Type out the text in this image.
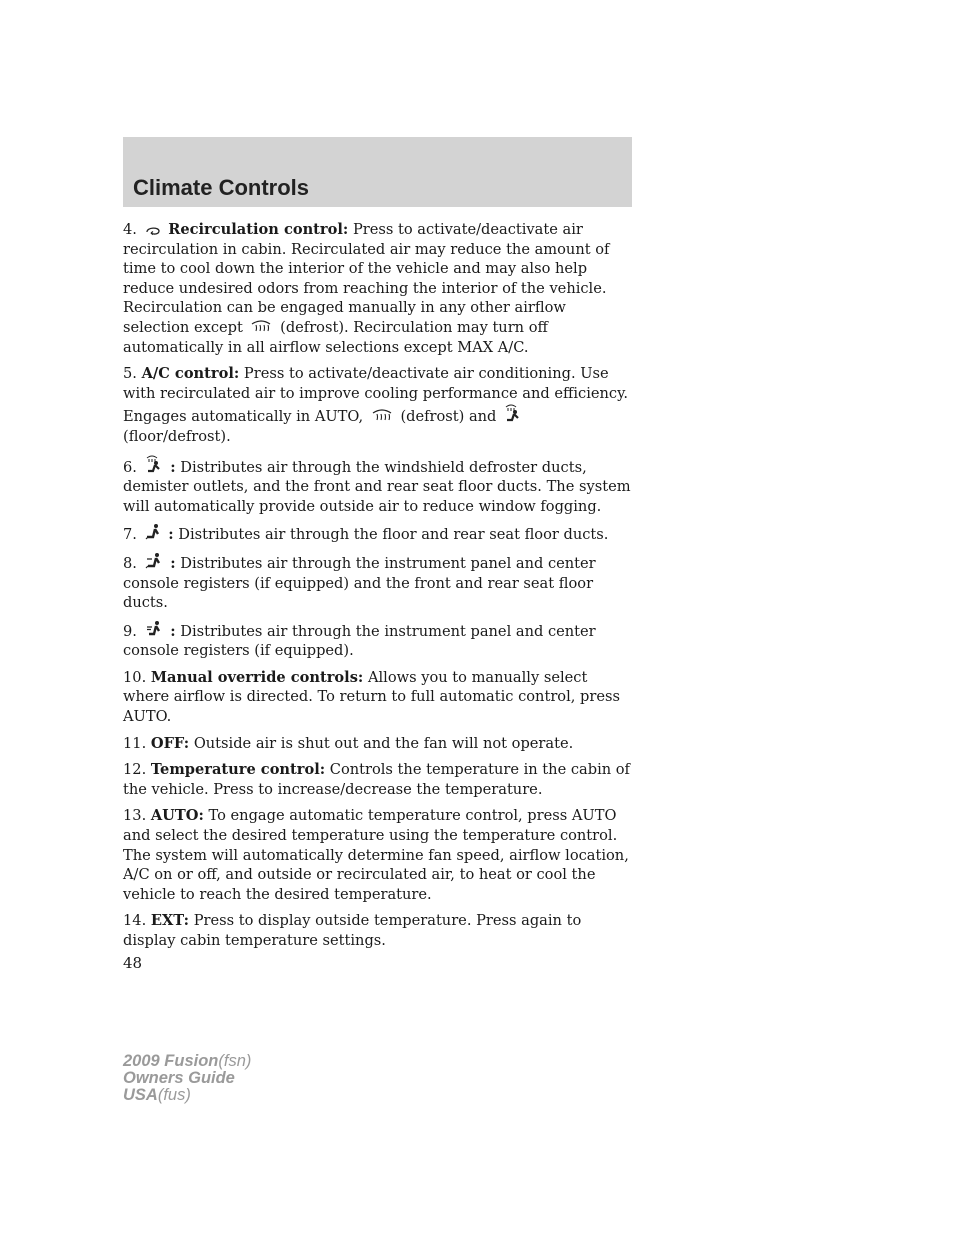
Climate Controls

4. Recirculation control: Press to activate/deactivate air recirculation in cabin. Recirculated air may reduce the amount of time to cool down the interior of the vehicle and may also help reduce undesired odors from reaching the interior of the vehicle. Recirculation can be engaged manually in any other airflow selection except	(defrost). Recirculation may turn off automatically in all airflow selections except MAX A/C.

5. A/C control: Press to activate/deactivate air conditioning. Use with recirculated air to improve cooling performance and efficiency. Engages automatically in AUTO,	(defrost) and
(floor/defrost).

6. : Distributes air through the windshield defroster ducts, demister outlets, and the front and rear seat floor ducts. The system will automatically provide outside air to reduce window fogging.

7. : Distributes air through the floor and rear seat floor ducts.

8. : Distributes air through the instrument panel and center console registers (if equipped) and the front and rear seat floor ducts.

9. : Distributes air through the instrument panel and center console registers (if equipped).

10. Manual override controls: Allows you to manually select where airflow is directed. To return to full automatic control, press AUTO.

11. OFF: Outside air is shut out and the fan will not operate.

12. Temperature control: Controls the temperature in the cabin of the vehicle. Press to increase/decrease the temperature.

13. AUTO: To engage automatic temperature control, press AUTO and select the desired temperature using the temperature control. The system will automatically determine fan speed, airflow location, A/C on or off, and outside or recirculated air, to heat or cool the vehicle to reach the desired temperature.

14. EXT: Press to display outside temperature. Press again to display cabin temperature settings.

48
2009 Fusion(fsn)
Owners Guide
USA(fus)
